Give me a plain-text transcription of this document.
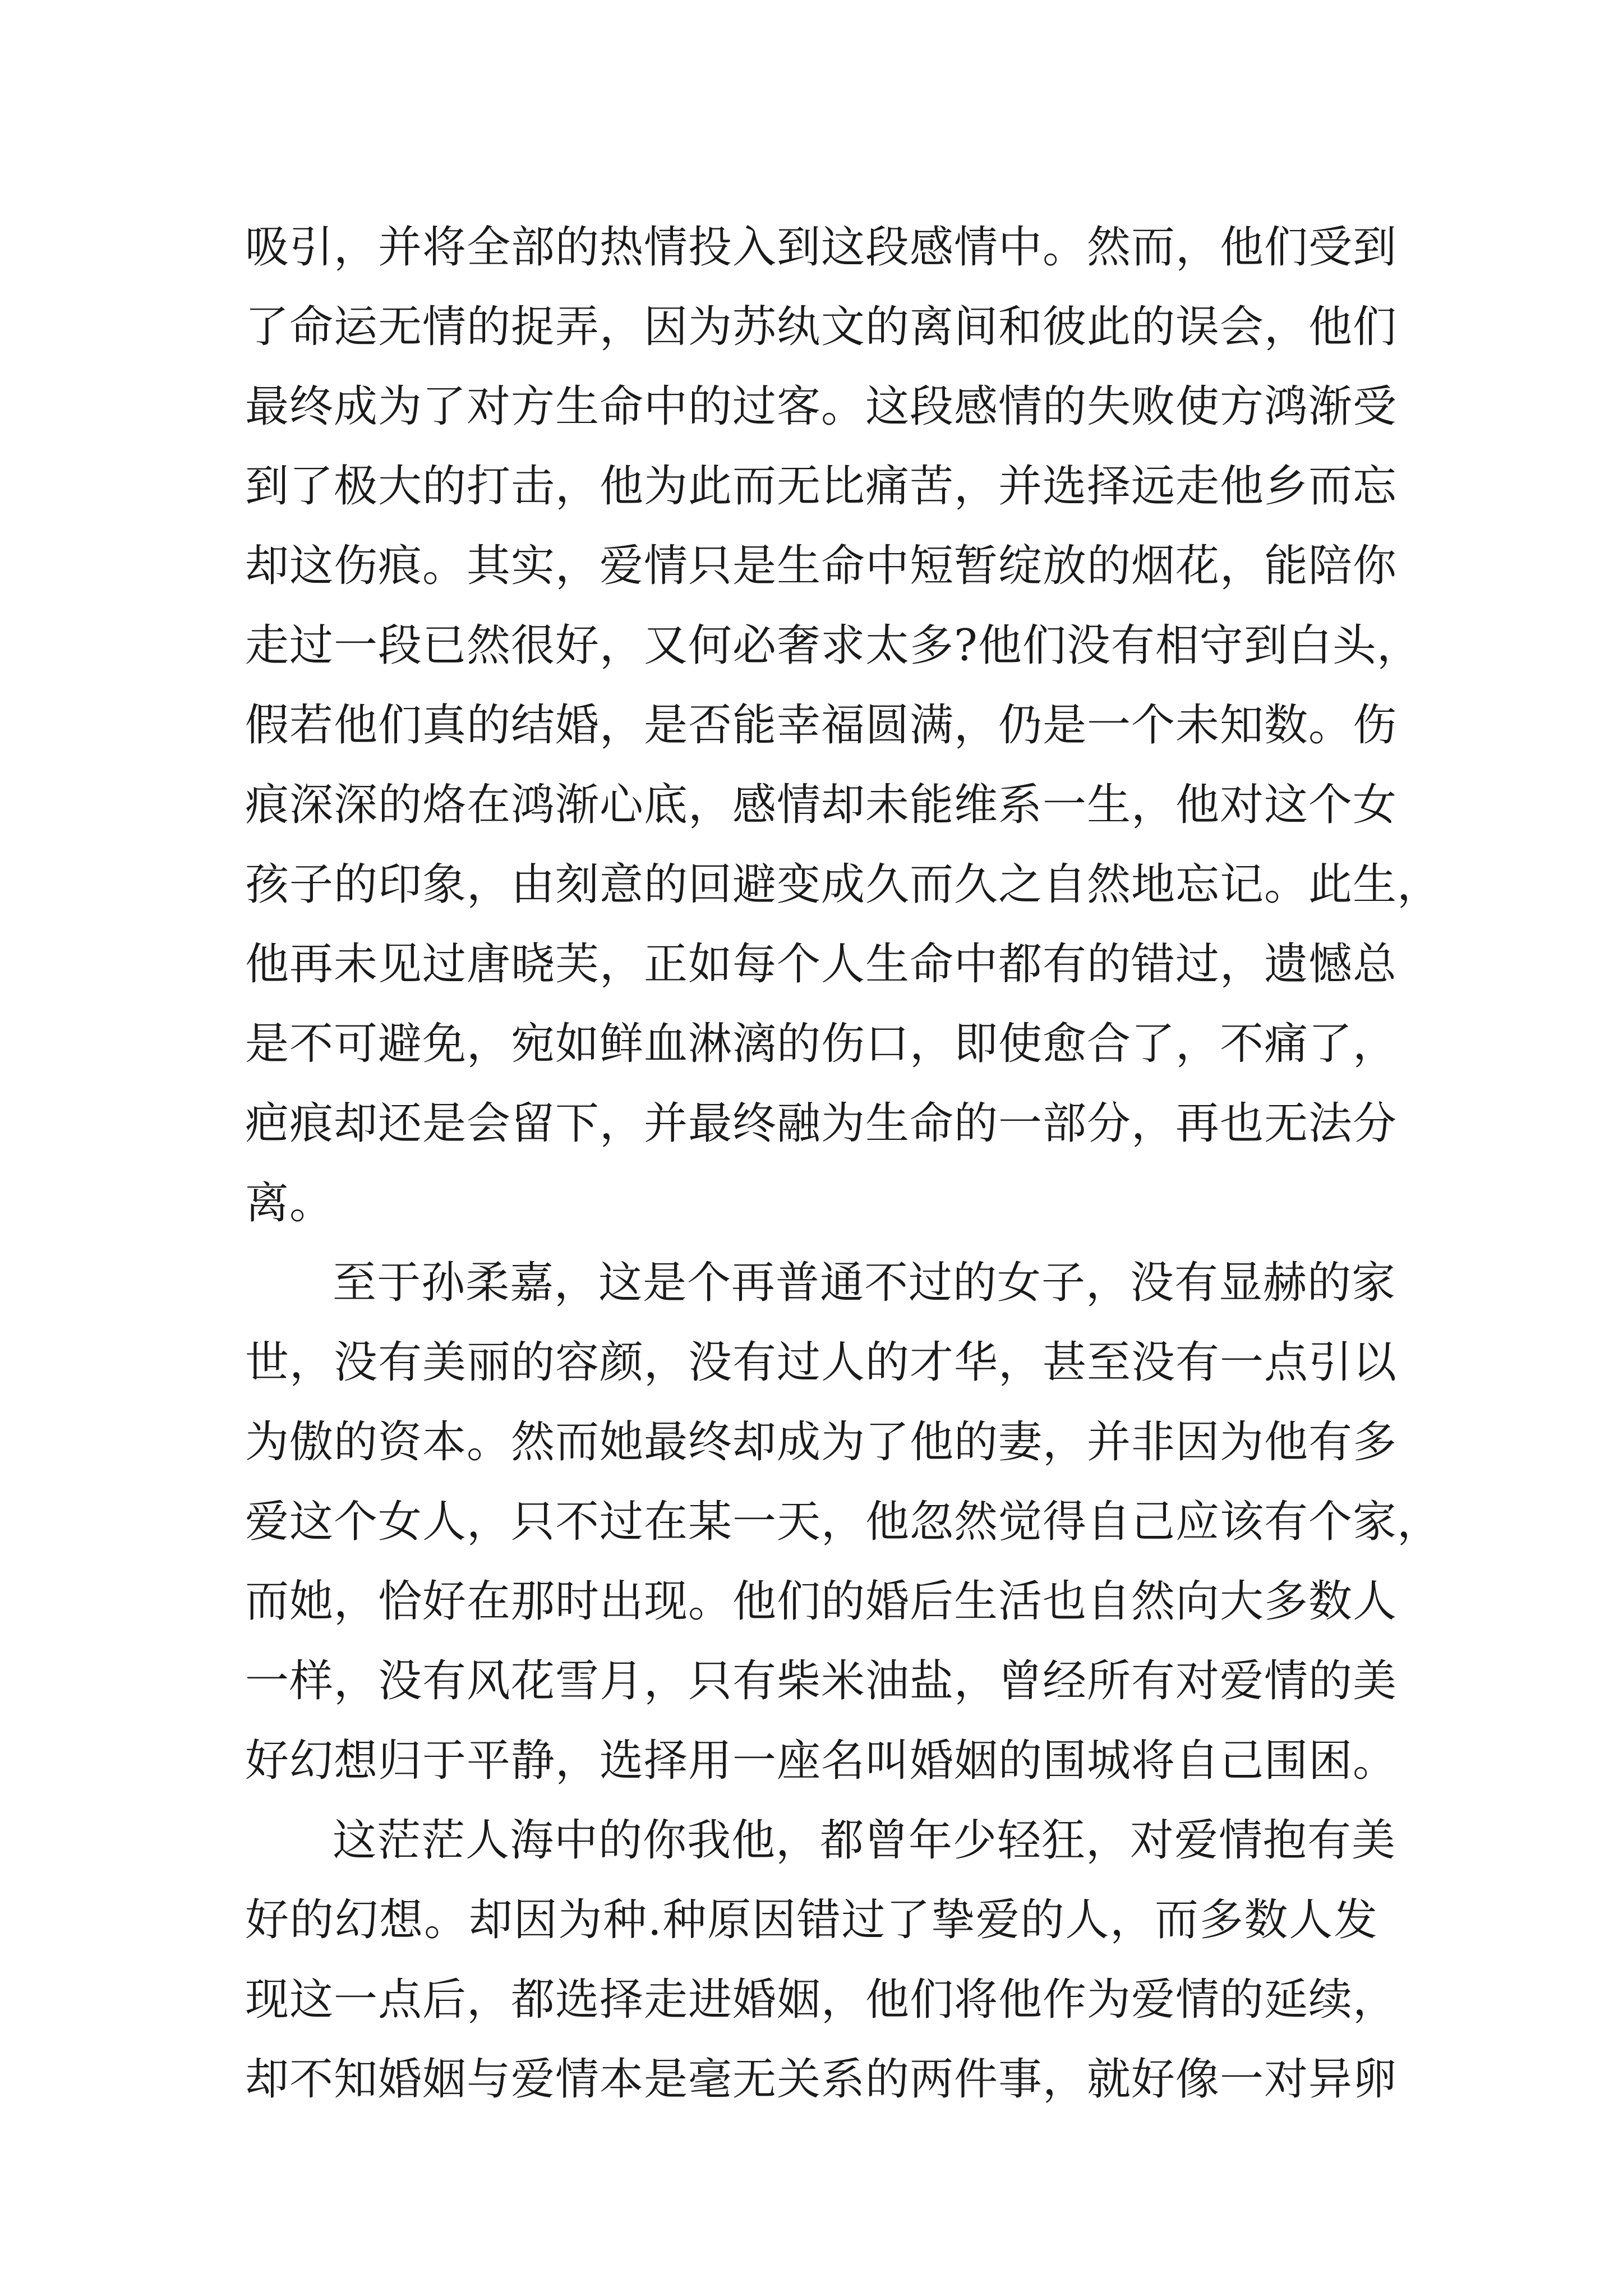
吸引，并将全部的热情投入到这段感情中。然而，他们受到
了命运无情的捉弄，因为苏纨文的离间和彼此的误会，他们
最终成为了对方生命中的过客。这段感情的失败使方鸿渐受
到了极大的打击，他为此而无比痛苦，并选择远走他乡而忘
却这伤痕。其实，爱情只是生命中短暂绽放的烟花，能陪你
走过一段已然很好，又何必奢求太多?他们没有相守到白头，
假若他们真的结婚，是否能幸福圆满，仍是一个未知数。伤
痕深深的烙在鸿渐心底，感情却未能维系一生，他对这个女
孩子的印象，由刻意的回避变成久而久之自然地忘记。此生，
他再未见过唐晓芙，正如每个人生命中都有的错过，遗憾总
是不可避免，宛如鲜血淋漓的伤口，即使愈合了，不痛了，
疤痕却还是会留下，并最终融为生命的一部分，再也无法分
离。
至于孙柔嘉，这是个再普通不过的女子，没有显赫的家
世，没有美丽的容颜，没有过人的才华，甚至没有一点引以
为傲的资本。然而她最终却成为了他的妻，并非因为他有多
爱这个女人，只不过在某一天，他忽然觉得自己应该有个家，
而她，恰好在那时出现。他们的婚后生活也自然向大多数人
一样，没有风花雪月，只有柴米油盐，曾经所有对爱情的美
好幻想归于平静，选择用一座名叫婚姻的围城将自己围困。
这茫茫人海中的你我他，都曾年少轻狂，对爱情抱有美
好的幻想。却因为种.种原因错过了挚爱的人，而多数人发
现这一点后，都选择走进婚姻，他们将他作为爱情的延续，
却不知婚姻与爱情本是毫无关系的两件事，就好像一对异卵
